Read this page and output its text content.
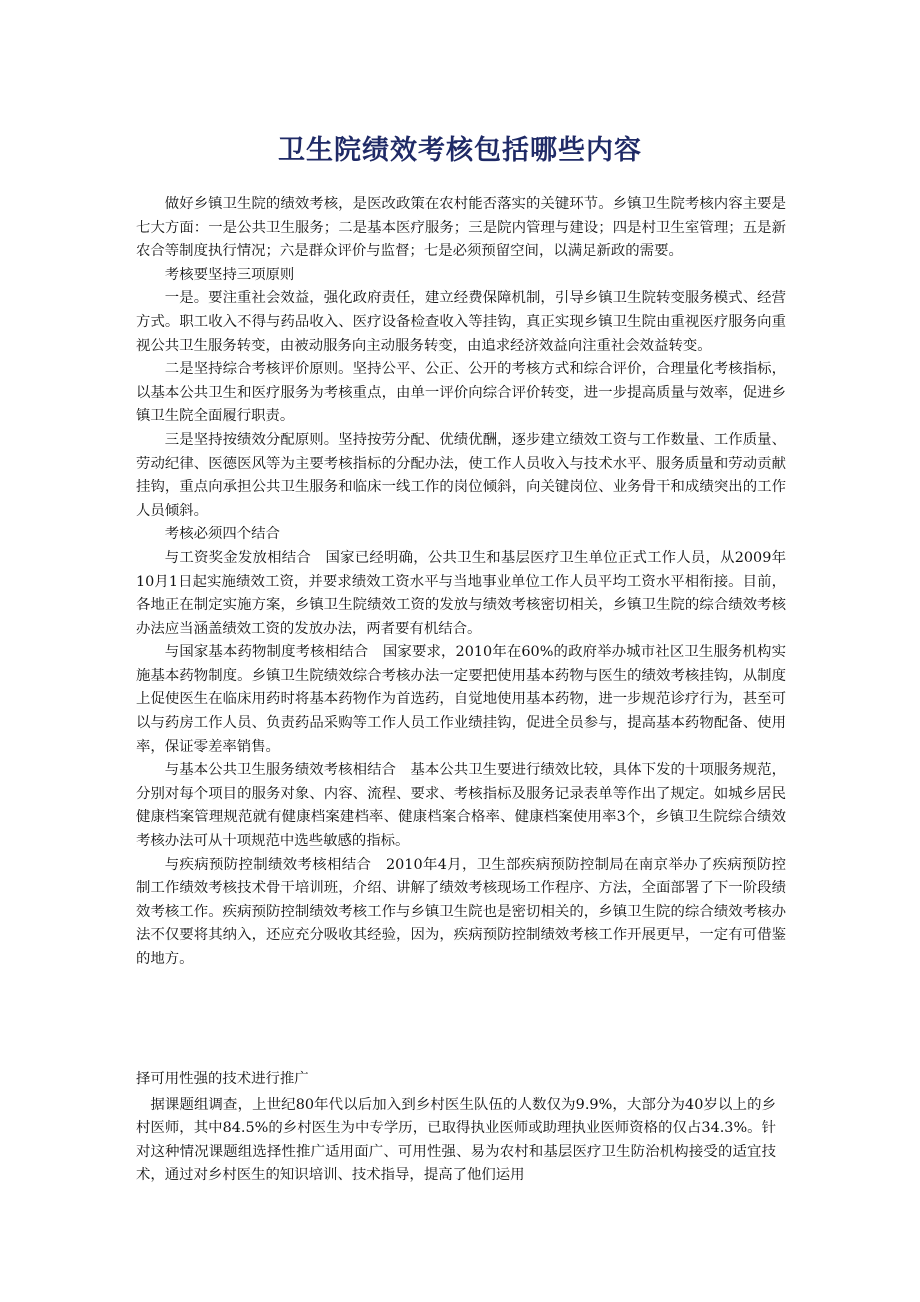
卫生院绩效考核包括哪些内容

做好乡镇卫生院的绩效考核，是医改政策在农村能否落实的关键环节。乡镇卫生院考核内容主要是七大方面：一是公共卫生服务；二是基本医疗服务；三是院内管理与建设；四是村卫生室管理；五是新农合等制度执行情况；六是群众评价与监督；七是必须预留空间，以满足新政的需要。

考核要坚持三项原则

一是。要注重社会效益，强化政府责任，建立经费保障机制，引导乡镇卫生院转变服务模式、经营方式。职工收入不得与药品收入、医疗设备检查收入等挂钩，真正实现乡镇卫生院由重视医疗服务向重视公共卫生服务转变，由被动服务向主动服务转变，由追求经济效益向注重社会效益转变。

二是坚持综合考核评价原则。坚持公平、公正、公开的考核方式和综合评价，合理量化考核指标，以基本公共卫生和医疗服务为考核重点，由单一评价向综合评价转变，进一步提高质量与效率，促进乡镇卫生院全面履行职责。

三是坚持按绩效分配原则。坚持按劳分配、优绩优酬，逐步建立绩效工资与工作数量、工作质量、劳动纪律、医德医风等为主要考核指标的分配办法，使工作人员收入与技术水平、服务质量和劳动贡献挂钩，重点向承担公共卫生服务和临床一线工作的岗位倾斜，向关键岗位、业务骨干和成绩突出的工作人员倾斜。

考核必须四个结合

与工资奖金发放相结合　国家已经明确，公共卫生和基层医疗卫生单位正式工作人员，从2009年10月1日起实施绩效工资，并要求绩效工资水平与当地事业单位工作人员平均工资水平相衔接。目前，各地正在制定实施方案，乡镇卫生院绩效工资的发放与绩效考核密切相关，乡镇卫生院的综合绩效考核办法应当涵盖绩效工资的发放办法，两者要有机结合。

与国家基本药物制度考核相结合　国家要求，2010年在60%的政府举办城市社区卫生服务机构实施基本药物制度。乡镇卫生院绩效综合考核办法一定要把使用基本药物与医生的绩效考核挂钩，从制度上促使医生在临床用药时将基本药物作为首选药，自觉地使用基本药物，进一步规范诊疗行为，甚至可以与药房工作人员、负责药品采购等工作人员工作业绩挂钩，促进全员参与，提高基本药物配备、使用率，保证零差率销售。

与基本公共卫生服务绩效考核相结合　基本公共卫生要进行绩效比较，具体下发的十项服务规范，分别对每个项目的服务对象、内容、流程、要求、考核指标及服务记录表单等作出了规定。如城乡居民健康档案管理规范就有健康档案建档率、健康档案合格率、健康档案使用率3个，乡镇卫生院综合绩效考核办法可从十项规范中选些敏感的指标。

与疾病预防控制绩效考核相结合　2010年4月，卫生部疾病预防控制局在南京举办了疾病预防控制工作绩效考核技术骨干培训班，介绍、讲解了绩效考核现场工作程序、方法，全面部署了下一阶段绩效考核工作。疾病预防控制绩效考核工作与乡镇卫生院也是密切相关的，乡镇卫生院的综合绩效考核办法不仅要将其纳入，还应充分吸收其经验，因为，疾病预防控制绩效考核工作开展更早，一定有可借鉴的地方。

择可用性强的技术进行推广

据课题组调查，上世纪80年代以后加入到乡村医生队伍的人数仅为9.9%，大部分为40岁以上的乡村医师，其中84.5%的乡村医生为中专学历，已取得执业医师或助理执业医师资格的仅占34.3%。针对这种情况课题组选择性推广适用面广、可用性强、易为农村和基层医疗卫生防治机构接受的适宜技术，通过对乡村医生的知识培训、技术指导，提高了他们运用
